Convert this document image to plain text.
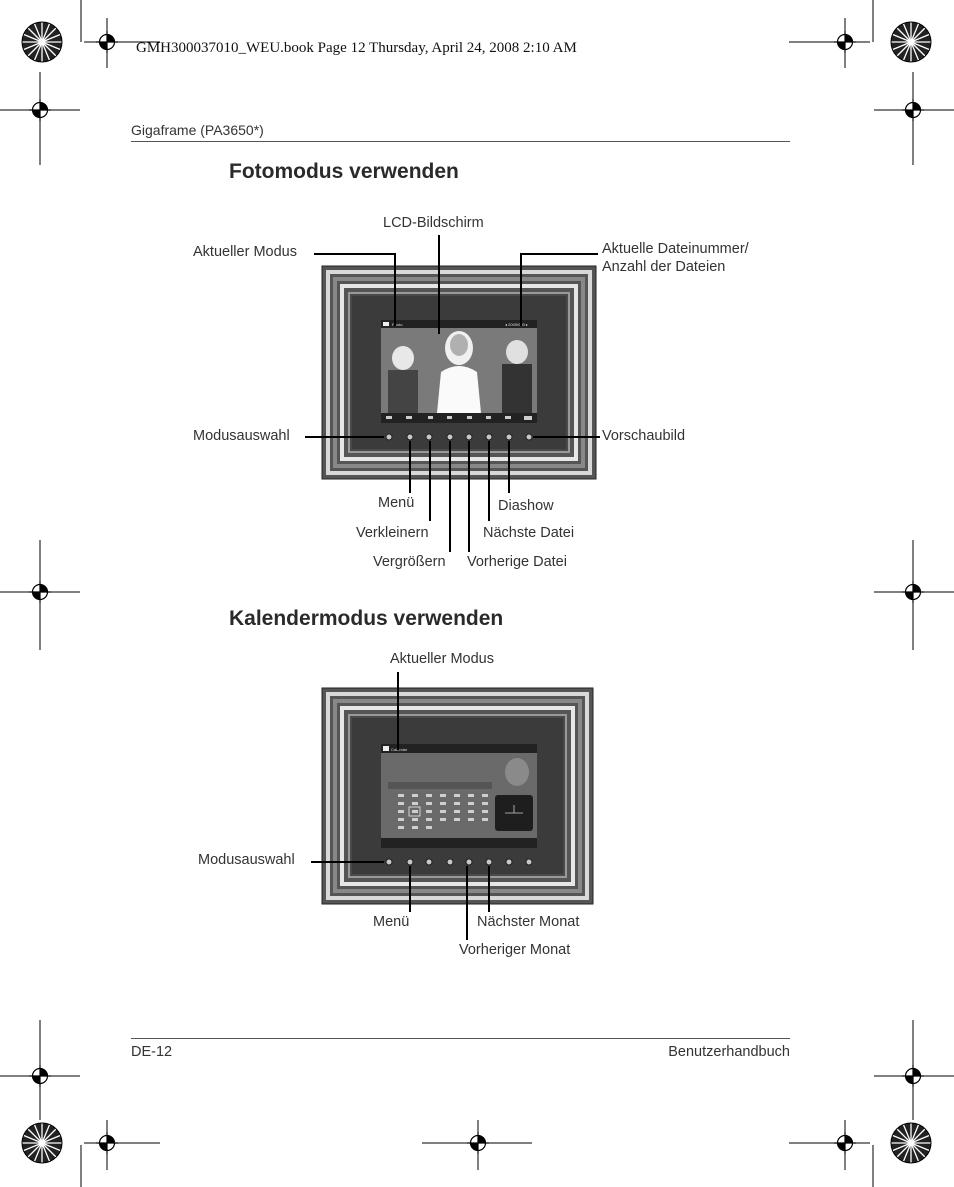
GMH300037010_WEU.book Page 12 Thursday, April 24, 2008 2:10 AM
Gigaframe (PA3650*)
Fotomodus verwenden
Photo	◂ 2009/030 ▸
LCD-Bildschirm
Aktueller Modus	Aktuelle Dateinummer/
Anzahl der Dateien
Modusauswahl	Vorschaubild
Menü	Diashow
Verkleinern	Nächste Datei
Vergrößern Vorherige Datei
Kalendermodus verwenden
Calendar
Aktueller Modus
Modusauswahl
Menü	Nächster Monat
Vorheriger Monat
DE-12	Benutzerhandbuch
